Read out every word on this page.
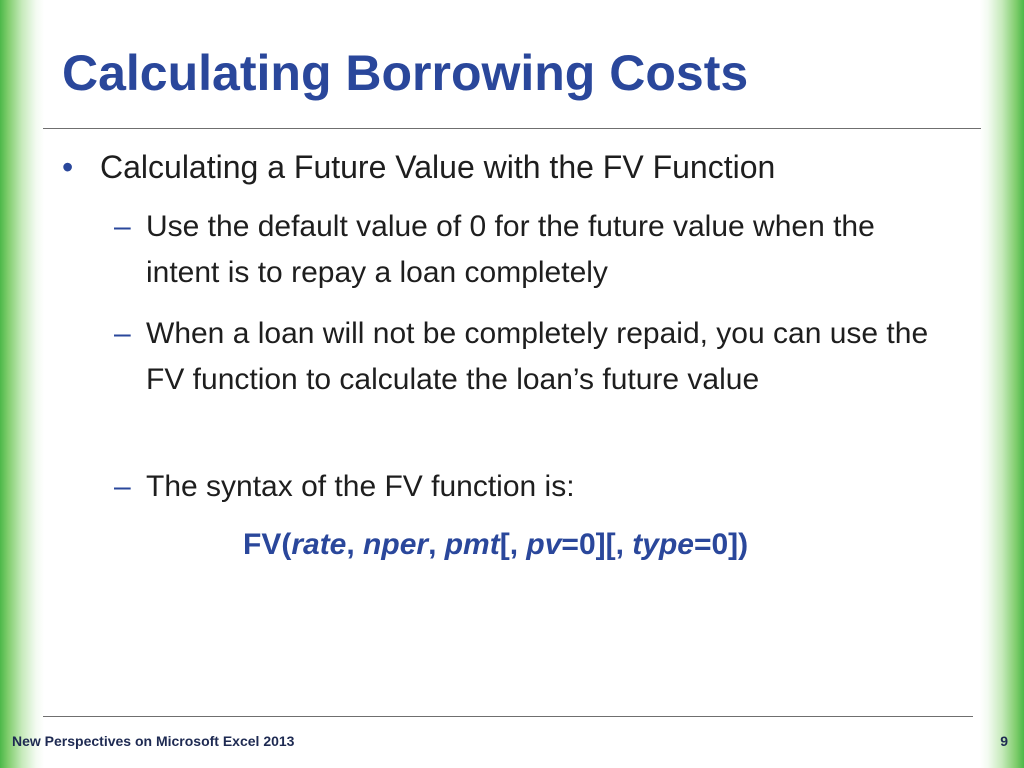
Calculating Borrowing Costs
• Calculating a Future Value with the FV Function
– Use the default value of 0 for the future value when the intent is to repay a loan completely
– When a loan will not be completely repaid, you can use the FV function to calculate the loan’s future value
– The syntax of the FV function is:
FV(rate, nper, pmt[, pv=0][, type=0])
New Perspectives on Microsoft Excel 2013	9
